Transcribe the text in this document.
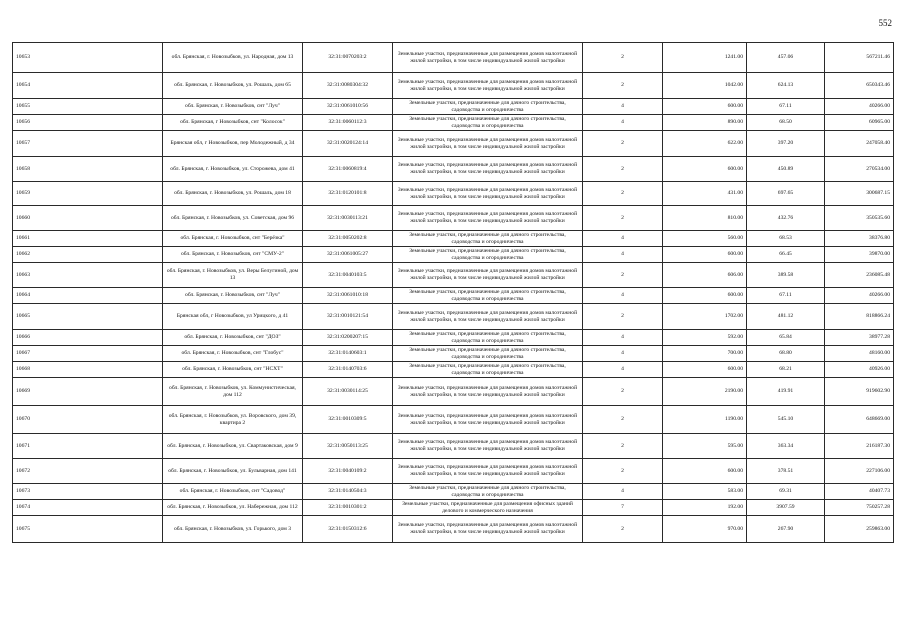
552
10653	обл. Брянская, г. Новозыбков, ул. Народная, дом 13	32:31:0070203:2	Земельные участки, предназначенные для размещения домов малоэтажной жилой застройки, в том числе индивидуальной жилой застройки	2	1241.00	457.06	567211.46
10654	обл. Брянская, г. Новозыбков, ул. Рошаль, дом 65	32:31:0080304:32	Земельные участки, предназначенные для размещения домов малоэтажной жилой застройки, в том числе индивидуальной жилой застройки	2	1042.00	624.13	650343.46
10655	обл. Брянская, г. Новозыбков, снт "Луч"	32:31:0061010:56	Земельные участки, предназначенные для дачного строительства, садоводства и огородничества	4	600.00	67.11	40266.00
10656	обл. Брянская, г Новозыбков, снт "Колосок"	32:31:0060112:3	Земельные участки, предназначенные для дачного строительства, садоводства и огородничества	4	890.00	68.50	60965.00
10657	Брянская обл, г Новозыбков, пер Молодежный, д 34	32:31:0020124:14	Земельные участки, предназначенные для размещения домов малоэтажной жилой застройки, в том числе индивидуальной жилой застройки	2	622.00	397.20	247058.40
10658	обл. Брянская, г. Новозыбков, ул. Сторожева, дом 41	32:31:0060819:4	Земельные участки, предназначенные для размещения домов малоэтажной жилой застройки, в том числе индивидуальной жилой застройки	2	600.00	450.89	270534.00
10659	обл. Брянская, г. Новозыбков, ул. Рошаль, дом 18	32:31:0120101:8	Земельные участки, предназначенные для размещения домов малоэтажной жилой застройки, в том числе индивидуальной жилой застройки	2	431.00	697.65	300687.15
10660	обл. Брянская, г. Новозыбков, ул. Советская, дом 96	32:31:0030113:21	Земельные участки, предназначенные для размещения домов малоэтажной жилой застройки, в том числе индивидуальной жилой застройки	2	810.00	432.76	350535.60
10661	обл. Брянская, г. Новозыбков, снт "Берёзка"	32:31:0050202:8	Земельные участки, предназначенные для дачного строительства, садоводства и огородничества	4	560.00	68.53	38376.80
10662	обл. Брянская, г. Новозыбков, снт "СМУ-2"	32:31:0061005:27	Земельные участки, предназначенные для дачного строительства, садоводства и огородничества	4	600.00	66.45	39870.00
10663	обл. Брянская, г. Новозыбков, ул. Веры Белугиной, дом 13	32:31:0040103:5	Земельные участки, предназначенные для размещения домов малоэтажной жилой застройки, в том числе индивидуальной жилой застройки	2	606.00	389.58	236085.48
10664	обл. Брянская, г. Новозыбков, снт "Луч"	32:31:0061010:18	Земельные участки, предназначенные для дачного строительства, садоводства и огородничества	4	600.00	67.11	40266.00
10665	Брянская обл, г Новозыбков, ул Урицкого, д 41	32:31:0010121:54	Земельные участки, предназначенные для размещения домов малоэтажной жилой застройки, в том числе индивидуальной жилой застройки	2	1702.00	481.12	818866.24
10666	обл. Брянская, г. Новозыбков, снт "ДОЗ"	32:31:0200207:15	Земельные участки, предназначенные для дачного строительства, садоводства и огородничества	4	592.00	65.84	38977.28
10667	обл. Брянская, г. Новозыбков, снт "Глобус"	32:31:0140603:1	Земельные участки, предназначенные для дачного строительства, садоводства и огородничества	4	700.00	68.80	48160.00
10668	обл. Брянская, г. Новозыбков, снт "НСХТ"	32:31:0140703:6	Земельные участки, предназначенные для дачного строительства, садоводства и огородничества	4	600.00	68.21	40926.00
10669	обл. Брянская, г. Новозыбков, ул. Коммунистическая, дом 112	32:31:0030114:25	Земельные участки, предназначенные для размещения домов малоэтажной жилой застройки, в том числе индивидуальной жилой застройки	2	2190.00	419.91	919602.90
10670	обл. Брянская, г. Новозыбков, ул. Воровского, дом 39, квартира 2	32:31:0010309:5	Земельные участки, предназначенные для размещения домов малоэтажной жилой застройки, в том числе индивидуальной жилой застройки	2	1190.00	545.10	648669.00
10671	обл. Брянская, г. Новозыбков, ул. Свартаковская, дом 9	32:31:0050113:25	Земельные участки, предназначенные для размещения домов малоэтажной жилой застройки, в том числе индивидуальной жилой застройки	2	595.00	363.34	216187.30
10672	обл. Брянская, г. Новозыбков, ул. Бульварная, дом 141	32:31:0040109:2	Земельные участки, предназначенные для размещения домов малоэтажной жилой застройки, в том числе индивидуальной жилой застройки	2	600.00	378.51	227106.00
10673	обл. Брянская, г. Новозыбков, снт "Садовод"	32:31:0140504:3	Земельные участки, предназначенные для дачного строительства, садоводства и огородничества	4	583.00	69.31	40407.73
10674	обл. Брянская, г. Новозыбков, ул. Набережная, дом 112	32:31:0010301:2	Земельные участки, предназначенные для размещения офисных зданий делового и коммерческого назначения	7	192.00	3907.59	750257.28
10675	обл. Брянская, г. Новозыбков, ул. Горького, дом 3	32:31:0150312:6	Земельные участки, предназначенные для размещения домов малоэтажной жилой застройки, в том числе индивидуальной жилой застройки	2	970.00	267.90	259863.00
